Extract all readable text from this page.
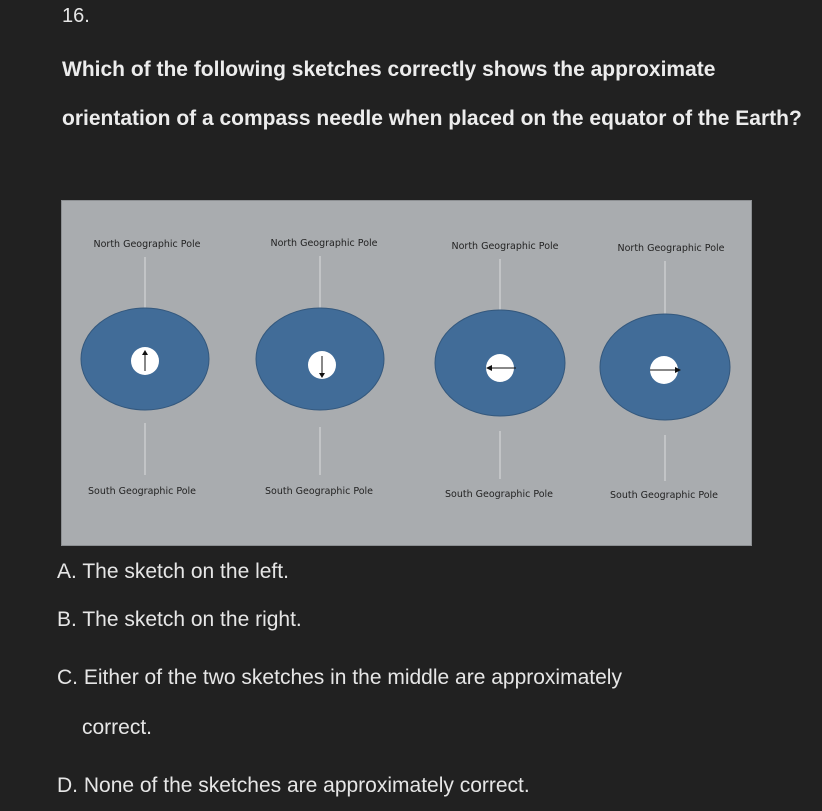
16.
Which of the following sketches correctly shows the approximate orientation of a compass needle when placed on the equator of the Earth?
North Geographic Pole
South Geographic Pole
North Geographic Pole
South Geographic Pole
North Geographic Pole
South Geographic Pole
North Geographic Pole
South Geographic Pole
A. The sketch on the left.
B. The sketch on the right.
C. Either of the two sketches in the middle are approximately
correct.
D. None of the sketches are approximately correct.
